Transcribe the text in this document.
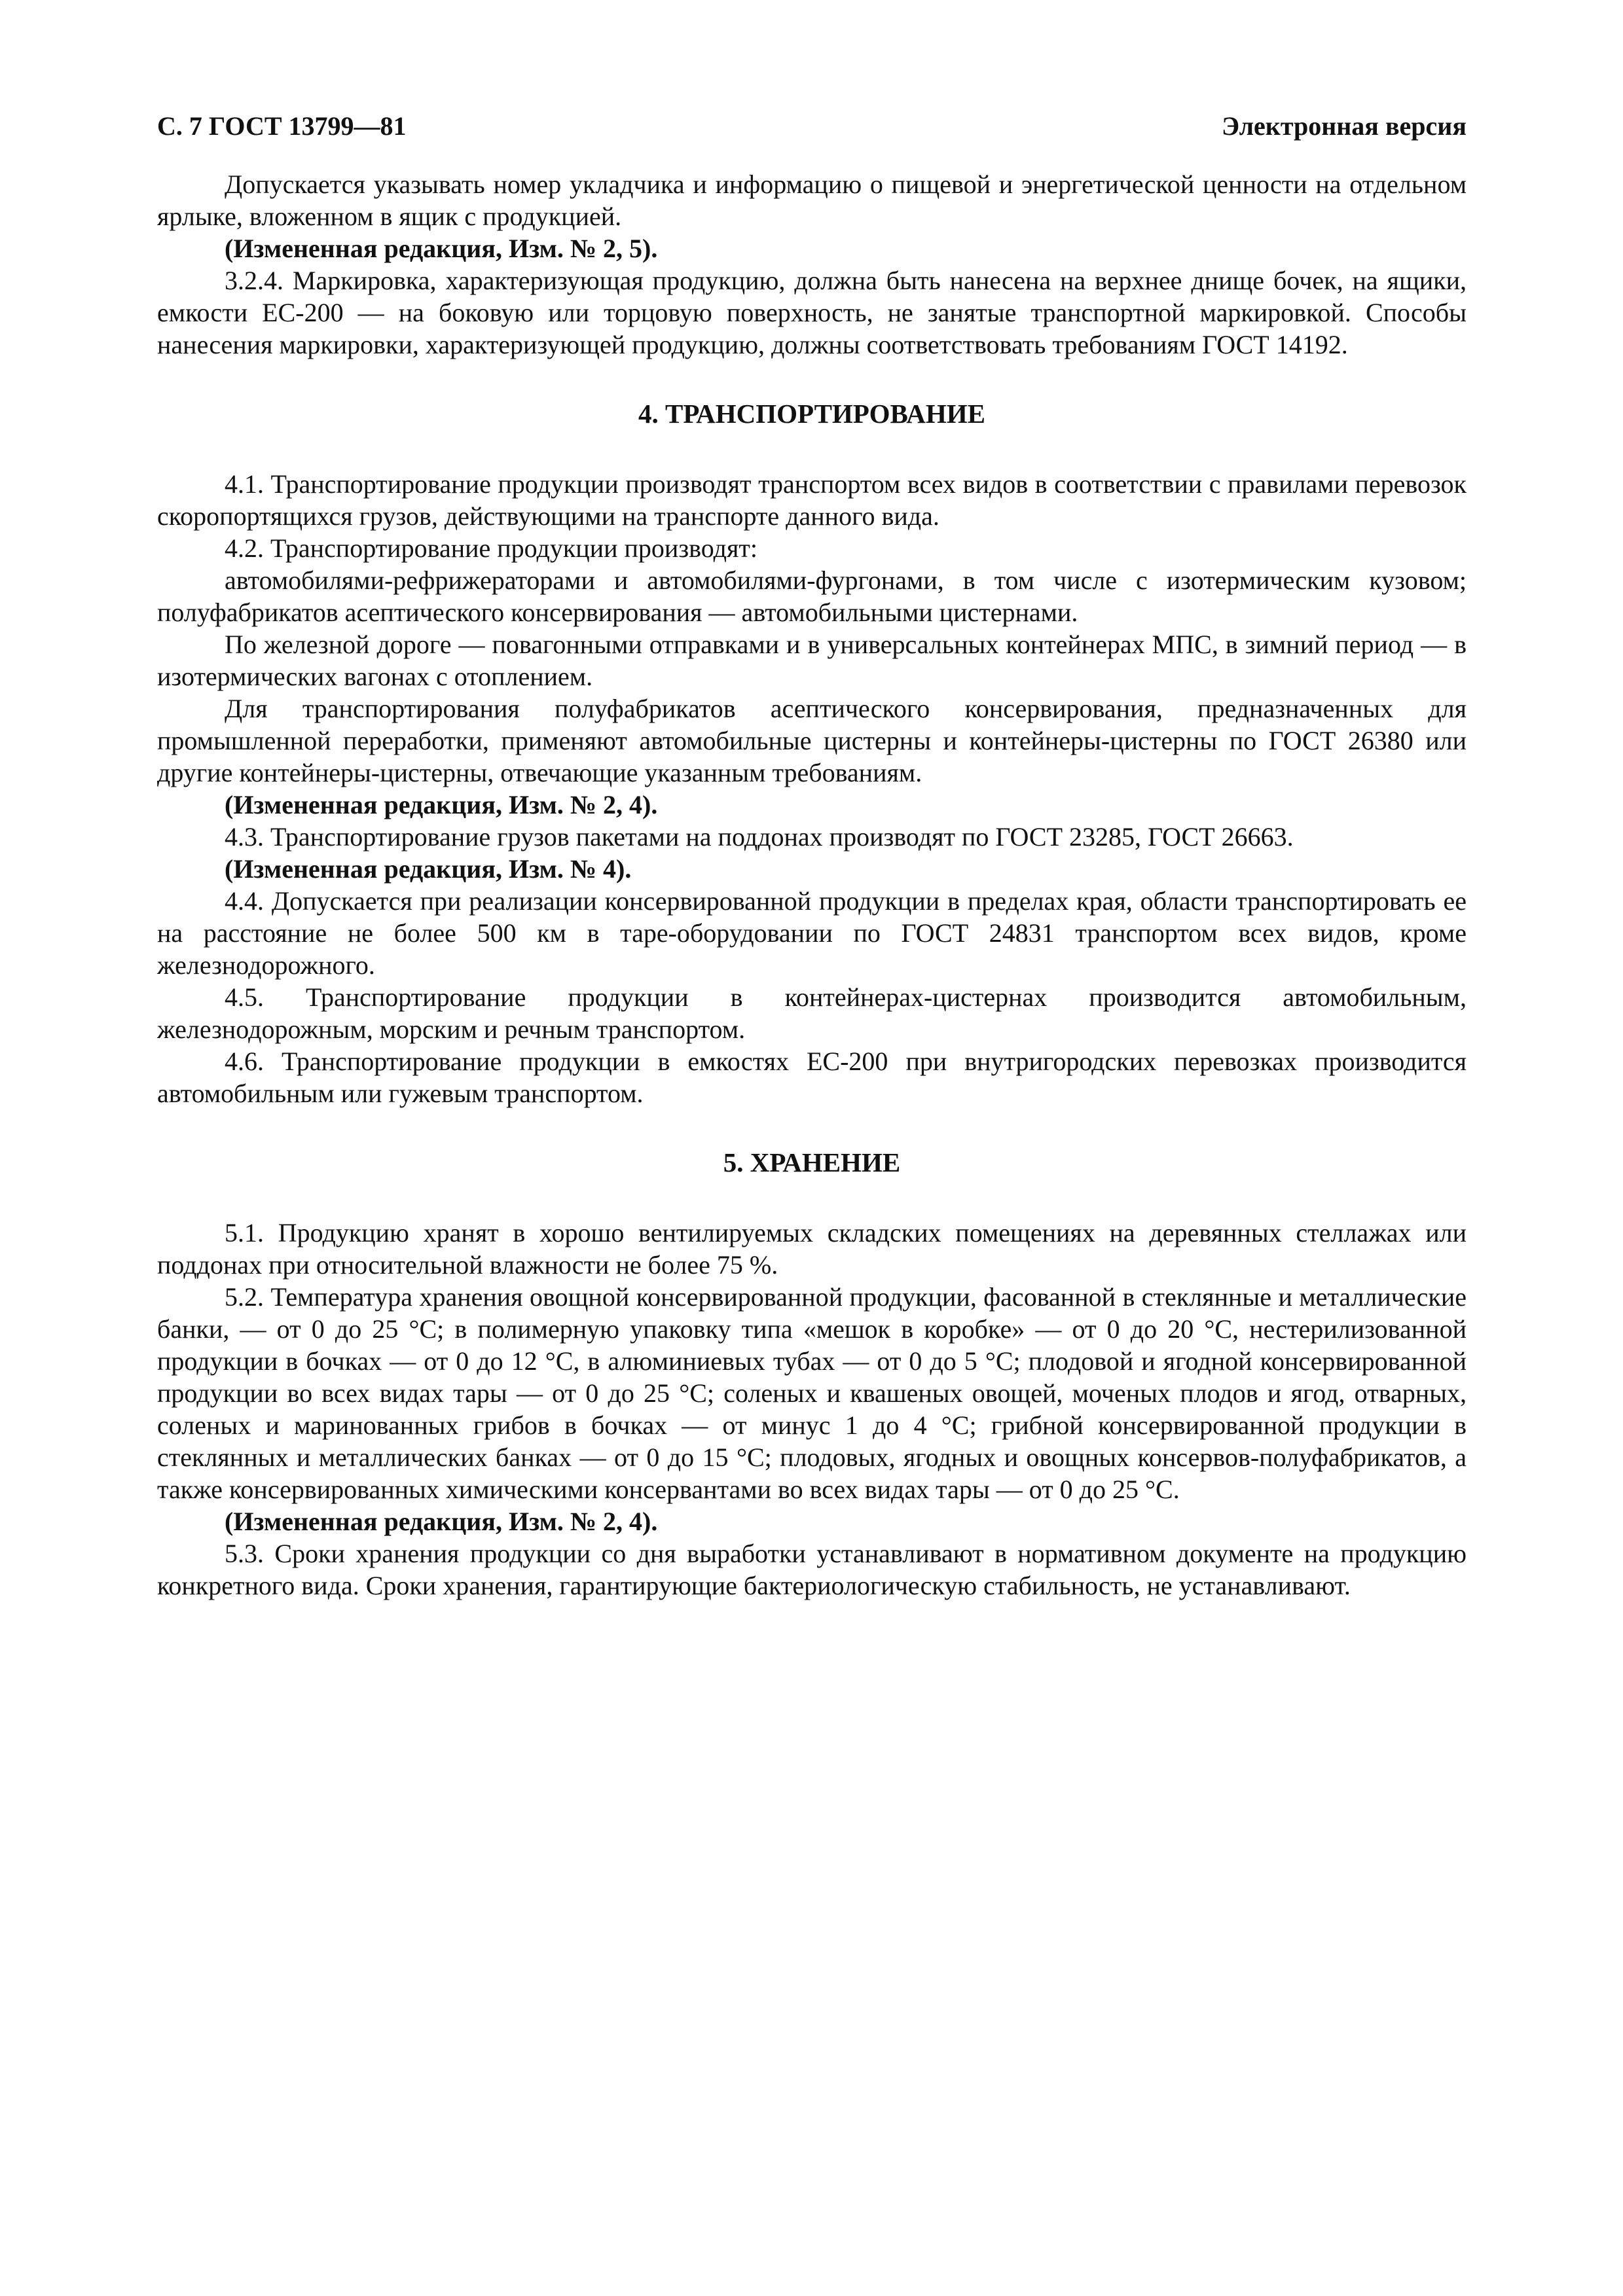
С. 7 ГОСТ 13799—81	Электронная версия

Допускается указывать номер укладчика и информацию о пищевой и энергетической ценности на отдельном ярлыке, вложенном в ящик с продукцией.

(Измененная редакция, Изм. № 2, 5).

3.2.4. Маркировка, характеризующая продукцию, должна быть нанесена на верхнее днище бочек, на ящики, емкости ЕС-200 — на боковую или торцовую поверхность, не занятые транспортной маркировкой. Способы нанесения маркировки, характеризующей продукцию, должны соответствовать требованиям ГОСТ 14192.

4. ТРАНСПОРТИРОВАНИЕ

4.1. Транспортирование продукции производят транспортом всех видов в соответствии с правилами перевозок скоропортящихся грузов, действующими на транспорте данного вида.

4.2. Транспортирование продукции производят:

автомобилями-рефрижераторами и автомобилями-фургонами, в том числе с изотермическим кузовом; полуфабрикатов асептического консервирования — автомобильными цистернами.

По железной дороге — повагонными отправками и в универсальных контейнерах МПС, в зимний период — в изотермических вагонах с отоплением.

Для транспортирования полуфабрикатов асептического консервирования, предназначенных для промышленной переработки, применяют автомобильные цистерны и контейнеры-цистерны по ГОСТ 26380 или другие контейнеры-цистерны, отвечающие указанным требованиям.

(Измененная редакция, Изм. № 2, 4).

4.3. Транспортирование грузов пакетами на поддонах производят по ГОСТ 23285, ГОСТ 26663.

(Измененная редакция, Изм. № 4).

4.4. Допускается при реализации консервированной продукции в пределах края, области транспортировать ее на расстояние не более 500 км в таре-оборудовании по ГОСТ 24831 транспортом всех видов, кроме железнодорожного.

4.5. Транспортирование продукции в контейнерах-цистернах производится автомобильным, железнодорожным, морским и речным транспортом.

4.6. Транспортирование продукции в емкостях ЕС-200 при внутригородских перевозках производится автомобильным или гужевым транспортом.

5. ХРАНЕНИЕ

5.1. Продукцию хранят в хорошо вентилируемых складских помещениях на деревянных стеллажах или поддонах при относительной влажности не более 75 %.

5.2. Температура хранения овощной консервированной продукции, фасованной в стеклянные и металлические банки, — от 0 до 25 °С; в полимерную упаковку типа «мешок в коробке» — от 0 до 20 °С, нестерилизованной продукции в бочках — от 0 до 12 °С, в алюминиевых тубах — от 0 до 5 °С; плодовой и ягодной консервированной продукции во всех видах тары — от 0 до 25 °С; соленых и квашеных овощей, моченых плодов и ягод, отварных, соленых и маринованных грибов в бочках — от минус 1 до 4 °С; грибной консервированной продукции в стеклянных и металлических банках — от 0 до 15 °С; плодовых, ягодных и овощных консервов-полуфабрикатов, а также консервированных химическими консервантами во всех видах тары — от 0 до 25 °С.

(Измененная редакция, Изм. № 2, 4).

5.3. Сроки хранения продукции со дня выработки устанавливают в нормативном документе на продукцию конкретного вида. Сроки хранения, гарантирующие бактериологическую стабильность, не устанавливают.
